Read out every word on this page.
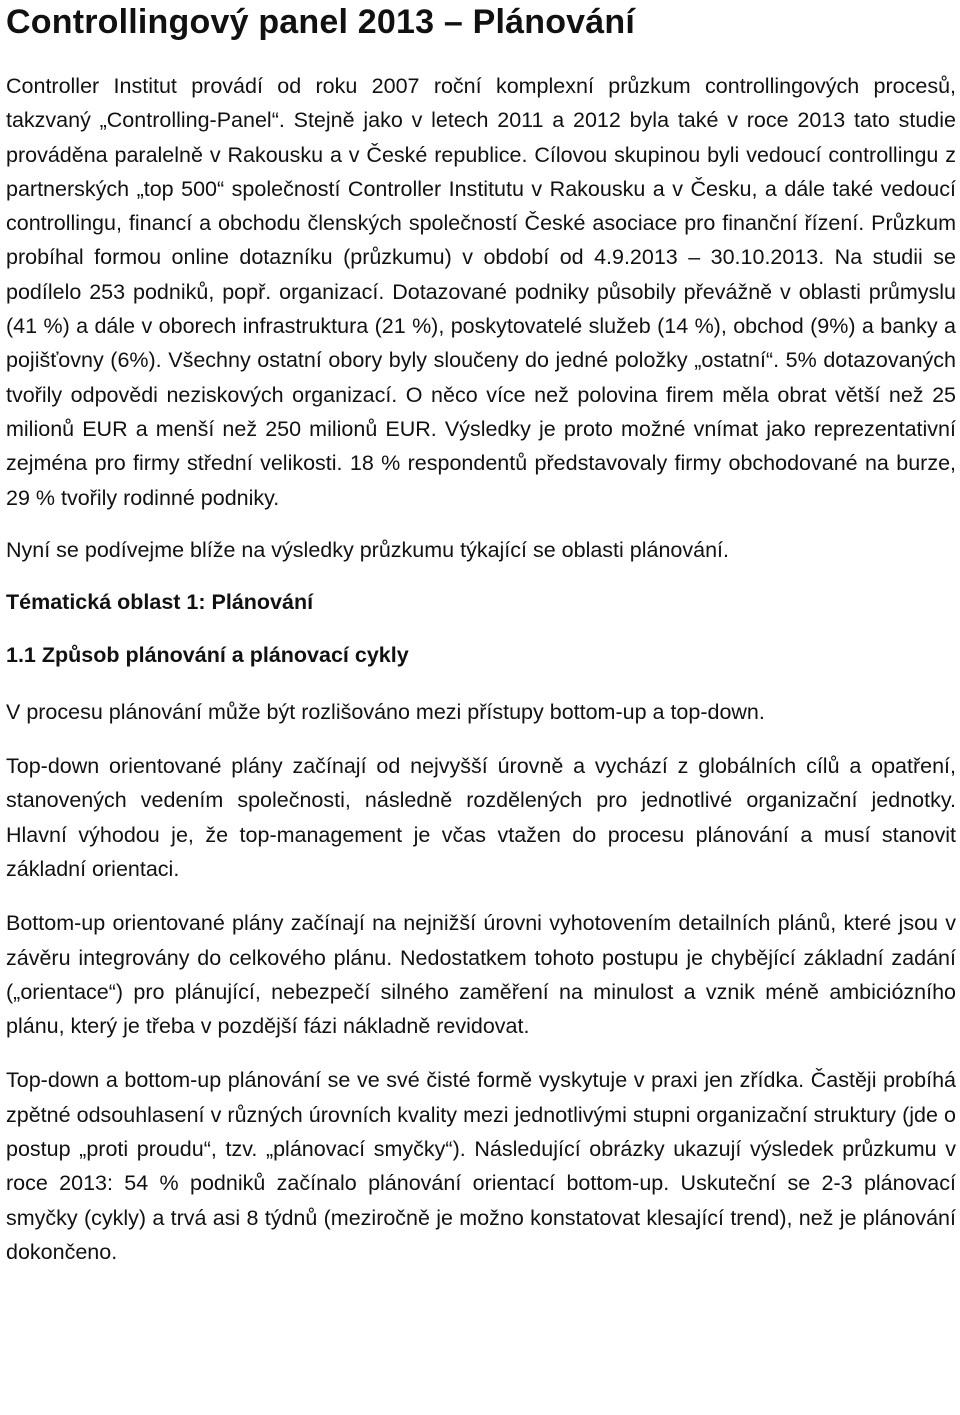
Controllingový panel 2013 – Plánování

Controller Institut provádí od roku 2007 roční komplexní průzkum controllingových procesů, takzvaný „Controlling-Panel“. Stejně jako v letech 2011 a 2012 byla také v roce 2013 tato studie prováděna paralelně v Rakousku a v České republice. Cílovou skupinou byli vedoucí controllingu z partnerských „top 500“ společností Controller Institutu v Rakousku a v Česku, a dále také vedoucí controllingu, financí a obchodu členských společností České asociace pro finanční řízení. Průzkum probíhal formou online dotazníku (průzkumu) v období od 4.9.2013 – 30.10.2013. Na studii se podílelo 253 podniků, popř. organizací. Dotazované podniky působily převážně v oblasti průmyslu (41 %) a dále v oborech infrastruktura (21 %), poskytovatelé služeb (14 %), obchod (9%) a banky a pojišťovny (6%). Všechny ostatní obory byly sloučeny do jedné položky „ostatní“. 5% dotazovaných tvořily odpovědi neziskových organizací. O něco více než polovina firem měla obrat větší než 25 milionů EUR a menší než 250 milionů EUR. Výsledky je proto možné vnímat jako reprezentativní zejména pro firmy střední velikosti. 18 % respondentů představovaly firmy obchodované na burze, 29 % tvořily rodinné podniky.

Nyní se podívejme blíže na výsledky průzkumu týkající se oblasti plánování.

Tématická oblast 1: Plánování
1.1 Způsob plánování a plánovací cykly

V procesu plánování může být rozlišováno mezi přístupy bottom-up a top-down.

Top-down orientované plány začínají od nejvyšší úrovně a vychází z globálních cílů a opatření, stanovených vedením společnosti, následně rozdělených pro jednotlivé organizační jednotky. Hlavní výhodou je, že top-management je včas vtažen do procesu plánování a musí stanovit základní orientaci.

Bottom-up orientované plány začínají na nejnižší úrovni vyhotovením detailních plánů, které jsou v závěru integrovány do celkového plánu. Nedostatkem tohoto postupu je chybějící základní zadání („orientace“) pro plánující, nebezpečí silného zaměření na minulost a vznik méně ambiciózního plánu, který je třeba v pozdější fázi nákladně revidovat.

Top-down a bottom-up plánování se ve své čisté formě vyskytuje v praxi jen zřídka. Častěji probíhá zpětné odsouhlasení v různých úrovních kvality mezi jednotlivými stupni organizační struktury (jde o postup „proti proudu“, tzv. „plánovací smyčky“). Následující obrázky ukazují výsledek průzkumu v roce 2013: 54 % podniků začínalo plánování orientací bottom-up. Uskuteční se 2-3 plánovací smyčky (cykly) a trvá asi 8 týdnů (meziročně je možno konstatovat klesající trend), než je plánování dokončeno.
